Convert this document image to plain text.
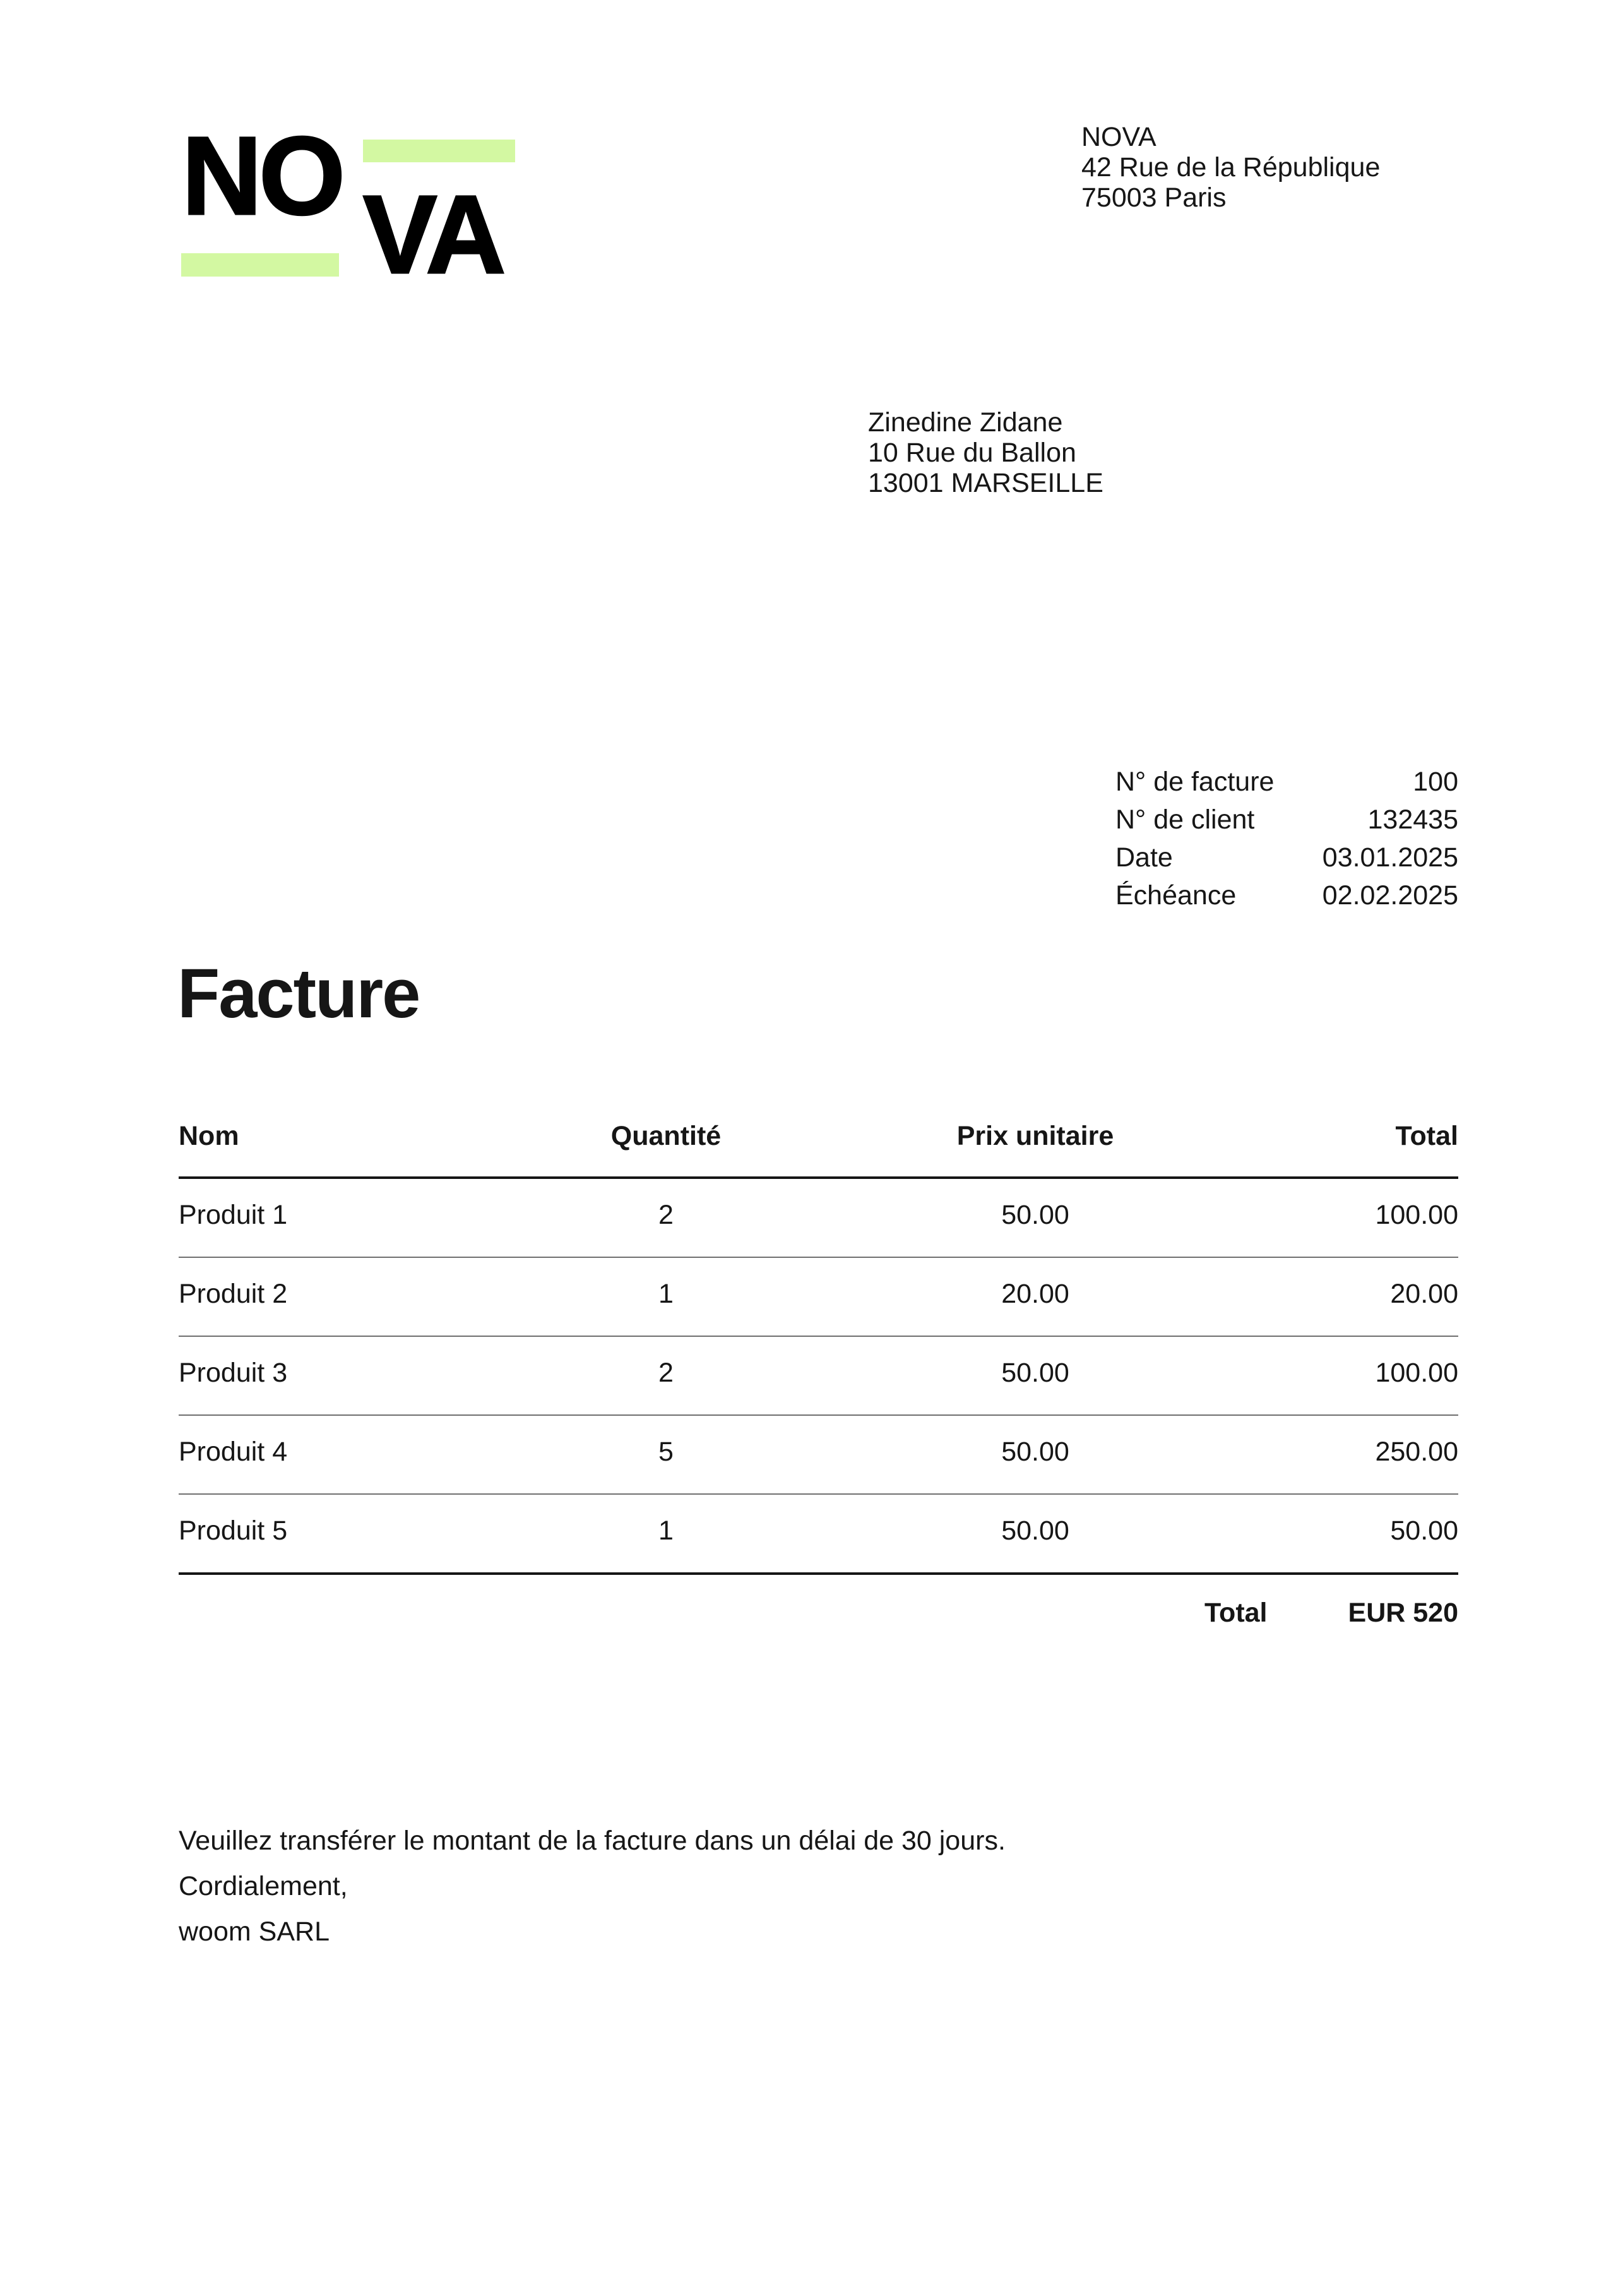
NO VA
NOVA
42 Rue de la République
75003 Paris
Zinedine Zidane
10 Rue du Ballon
13001 MARSEILLE
N° de facture	100
N° de client	132435
Date	03.01.2025
Échéance	02.02.2025
Facture
Nom	Quantité	Prix unitaire	Total
Produit 1	2	50.00	100.00
Produit 2	1	20.00	20.00
Produit 3	2	50.00	100.00
Produit 4	5	50.00	250.00
Produit 5	1	50.00	50.00
Total	EUR 520
Veuillez transférer le montant de la facture dans un délai de 30 jours.
Cordialement,
woom SARL
